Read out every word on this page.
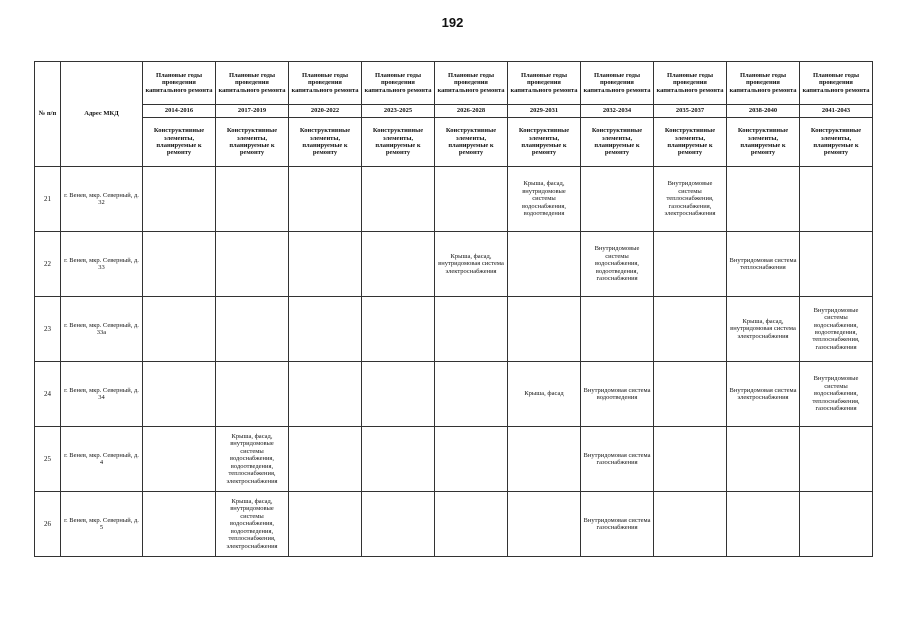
192
№ п/п	Адрес МКД	Плановые годы проведения капитального ремонта	Плановые годы проведения капитального ремонта	Плановые годы проведения капитального ремонта	Плановые годы проведения капитального ремонта	Плановые годы проведения капитального ремонта	Плановые годы проведения капитального ремонта	Плановые годы проведения капитального ремонта	Плановые годы проведения капитального ремонта	Плановые годы проведения капитального ремонта	Плановые годы проведения капитального ремонта
		2014-2016	2017-2019	2020-2022	2023-2025	2026-2028	2029-2031	2032-2034	2035-2037	2038-2040	2041-2043
		Конструктивные элементы, планируемые к ремонту	Конструктивные элементы, планируемые к ремонту	Конструктивные элементы, планируемые к ремонту	Конструктивные элементы, планируемые к ремонту	Конструктивные элементы, планируемые к ремонту	Конструктивные элементы, планируемые к ремонту	Конструктивные элементы, планируемые к ремонту	Конструктивные элементы, планируемые к ремонту	Конструктивные элементы, планируемые к ремонту	Конструктивные элементы, планируемые к ремонту
21	г. Венев, мкр. Северный, д. 32						Крыша, фасад, внутридомовые системы водоснабжения, водоотведения		Внутридомовые системы теплоснабжения, газоснабжения, электроснабжения		
22	г. Венев, мкр. Северный, д. 33					Крыша, фасад, внутридомовая система электроснабжения		Внутридомовые системы водоснабжения, водоотведения, газоснабжения		Внутридомовая система теплоснабжения	
23	г. Венев, мкр. Северный, д. 33а									Крыша, фасад, внутридомовая система электроснабжения	Внутридомовые системы водоснабжения, водоотведения, теплоснабжения, газоснабжения
24	г. Венев, мкр. Северный, д. 34						Крыша, фасад	Внутридомовая система водоотведения		Внутридомовая система электроснабжения	Внутридомовые системы водоснабжения, теплоснабжения, газоснабжения
25	г. Венев, мкр. Северный, д. 4		Крыша, фасад, внутридомовые системы водоснабжения, водоотведения, теплоснабжения, электроснабжения					Внутридомовая система газоснабжения			
26	г. Венев, мкр. Северный, д. 5		Крыша, фасад, внутридомовые системы водоснабжения, водоотведения, теплоснабжения, электроснабжения					Внутридомовая система газоснабжения			
